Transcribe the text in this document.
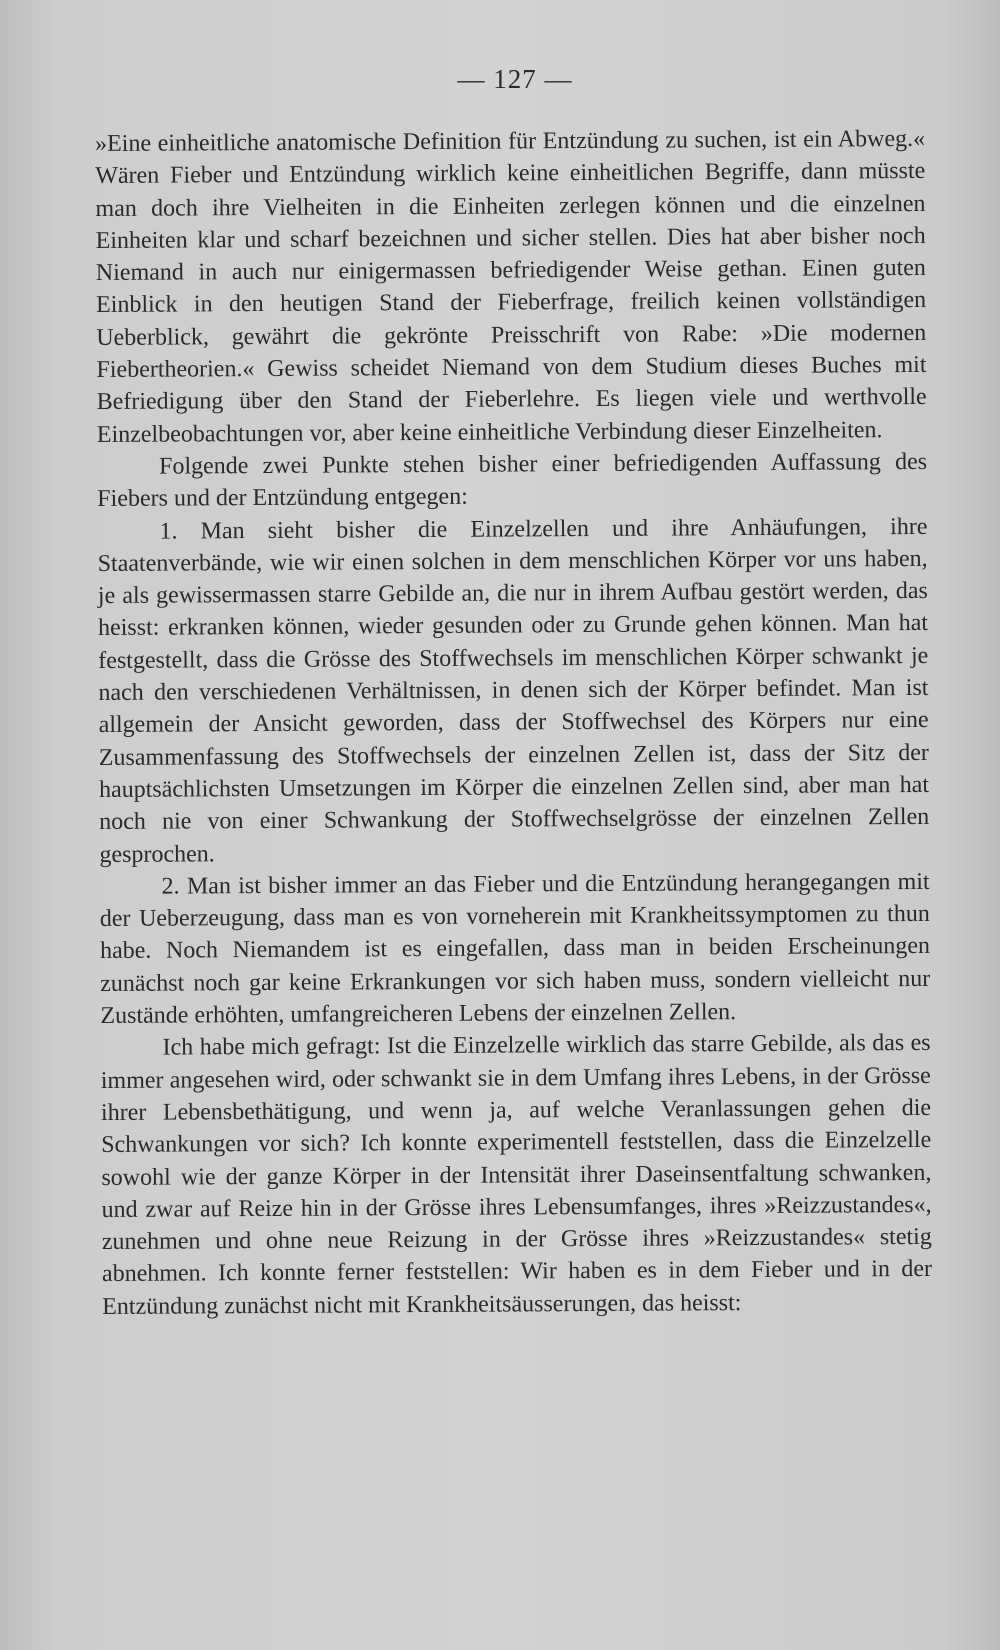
— 127 —

»Eine einheitliche anatomische Definition für Entzündung zu suchen, ist ein Abweg.« Wären Fieber und Entzündung wirklich keine einheitlichen Begriffe, dann müsste man doch ihre Vielheiten in die Einheiten zerlegen können und die einzelnen Einheiten klar und scharf bezeichnen und sicher stellen. Dies hat aber bisher noch Niemand in auch nur einigermassen befriedigender Weise gethan. Einen guten Einblick in den heutigen Stand der Fieberfrage, freilich keinen vollständigen Ueberblick, gewährt die gekrönte Preisschrift von Rabe: »Die modernen Fiebertheorien.« Gewiss scheidet Niemand von dem Studium dieses Buches mit Befriedigung über den Stand der Fieberlehre. Es liegen viele und werthvolle Einzelbeobachtungen vor, aber keine einheitliche Verbindung dieser Einzelheiten.

Folgende zwei Punkte stehen bisher einer befriedigenden Auffassung des Fiebers und der Entzündung entgegen:

1. Man sieht bisher die Einzelzellen und ihre Anhäufungen, ihre Staatenverbände, wie wir einen solchen in dem menschlichen Körper vor uns haben, je als gewissermassen starre Gebilde an, die nur in ihrem Aufbau gestört werden, das heisst: erkranken können, wieder gesunden oder zu Grunde gehen können. Man hat festgestellt, dass die Grösse des Stoffwechsels im menschlichen Körper schwankt je nach den verschiedenen Verhältnissen, in denen sich der Körper befindet. Man ist allgemein der Ansicht geworden, dass der Stoffwechsel des Körpers nur eine Zusammenfassung des Stoffwechsels der einzelnen Zellen ist, dass der Sitz der hauptsächlichsten Umsetzungen im Körper die einzelnen Zellen sind, aber man hat noch nie von einer Schwankung der Stoffwechselgrösse der einzelnen Zellen gesprochen.

2. Man ist bisher immer an das Fieber und die Entzündung herangegangen mit der Ueberzeugung, dass man es von vorneherein mit Krankheitssymptomen zu thun habe. Noch Niemandem ist es eingefallen, dass man in beiden Erscheinungen zunächst noch gar keine Erkrankungen vor sich haben muss, sondern vielleicht nur Zustände erhöhten, umfangreicheren Lebens der einzelnen Zellen.

Ich habe mich gefragt: Ist die Einzelzelle wirklich das starre Gebilde, als das es immer angesehen wird, oder schwankt sie in dem Umfang ihres Lebens, in der Grösse ihrer Lebensbethätigung, und wenn ja, auf welche Veranlassungen gehen die Schwankungen vor sich? Ich konnte experimentell feststellen, dass die Einzelzelle sowohl wie der ganze Körper in der Intensität ihrer Daseinsentfaltung schwanken, und zwar auf Reize hin in der Grösse ihres Lebensumfanges, ihres »Reizzustandes«, zunehmen und ohne neue Reizung in der Grösse ihres »Reizzustandes« stetig abnehmen. Ich konnte ferner feststellen: Wir haben es in dem Fieber und in der Entzündung zunächst nicht mit Krankheitsäusserungen, das heisst:
